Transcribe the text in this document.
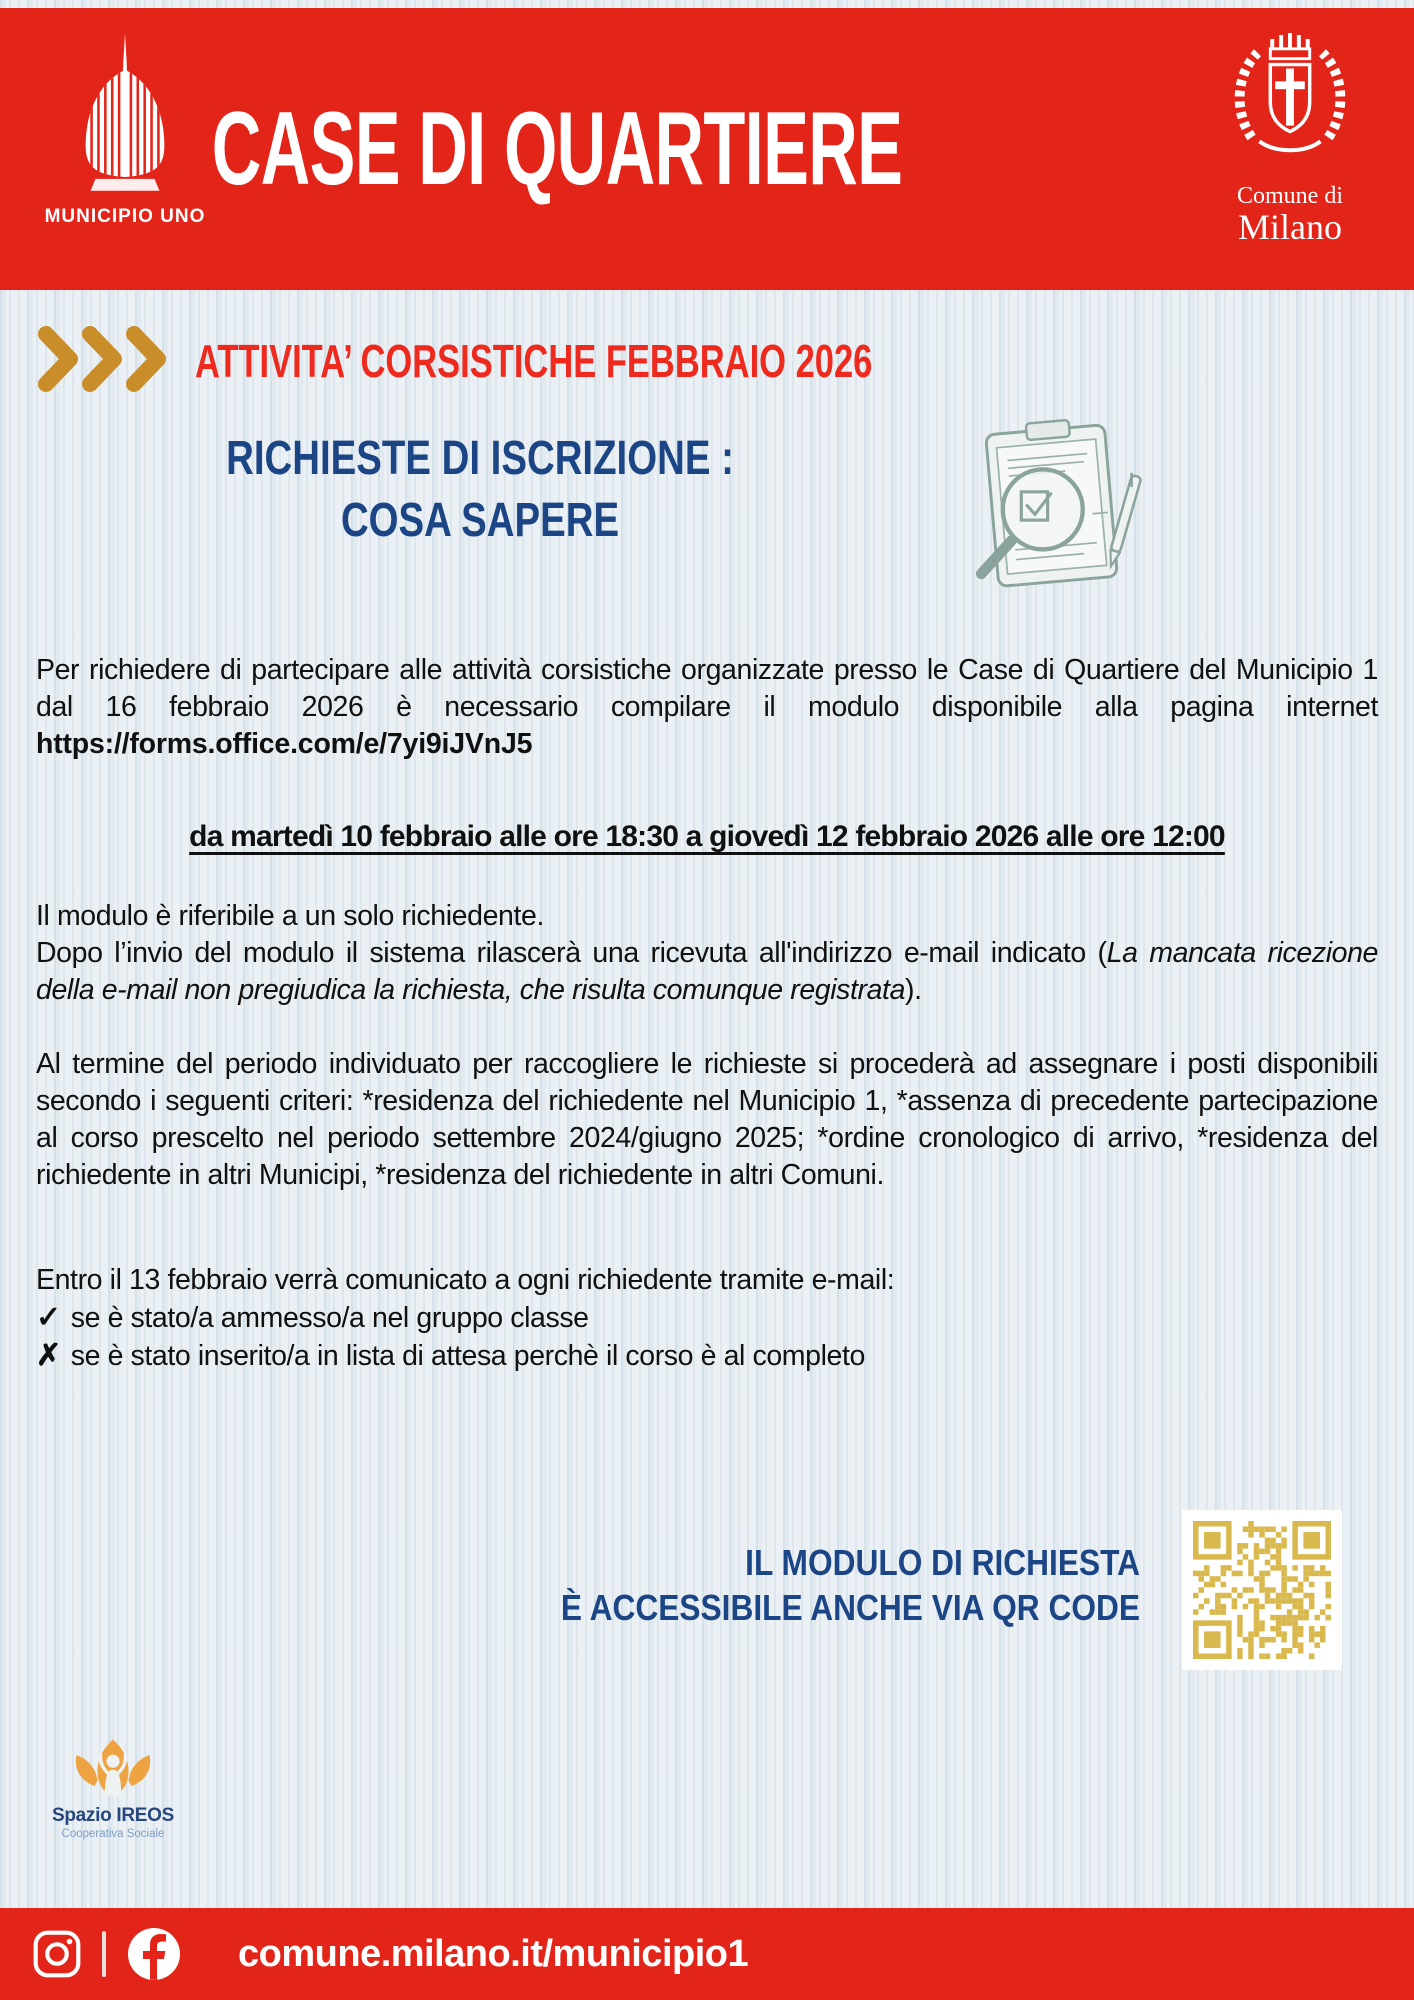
MUNICIPIO UNO
CASE DI QUARTIERE	Comune di
Milano
ATTIVITA’ CORSISTICHE FEBBRAIO 2026
RICHIESTE DI ISCRIZIONE :
COSA SAPERE

Per richiedere di partecipare alle attività corsistiche organizzate presso le Case di Quartiere del Municipio 1 dal 16 febbraio 2026 è necessario compilare il modulo disponibile alla pagina internet https://forms.office.com/e/7yi9iJVnJ5

da martedì 10 febbraio alle ore 18:30 a giovedì 12 febbraio 2026 alle ore 12:00

Il modulo è riferibile a un solo richiedente.
Dopo l’invio del modulo il sistema rilascerà una ricevuta all'indirizzo e-mail indicato (La mancata ricezione della e-mail non pregiudica la richiesta, che risulta comunque registrata).

Al termine del periodo individuato per raccogliere le richieste si procederà ad assegnare i posti disponibili secondo i seguenti criteri: *residenza del richiedente nel Municipio 1, *assenza di precedente partecipazione al corso prescelto nel periodo settembre 2024/giugno 2025; *ordine cronologico di arrivo, *residenza del richiedente in altri Municipi, *residenza del richiedente in altri Comuni.

Entro il 13 febbraio verrà comunicato a ogni richiedente tramite e-mail:
✓ se è stato/a ammesso/a nel gruppo classe
✗ se è stato inserito/a in lista di attesa perchè il corso è al completo
IL MODULO DI RICHIESTA
È ACCESSIBILE ANCHE VIA QR CODE
Spazio IREOS
Cooperativa Sociale
comune.milano.it/municipio1
